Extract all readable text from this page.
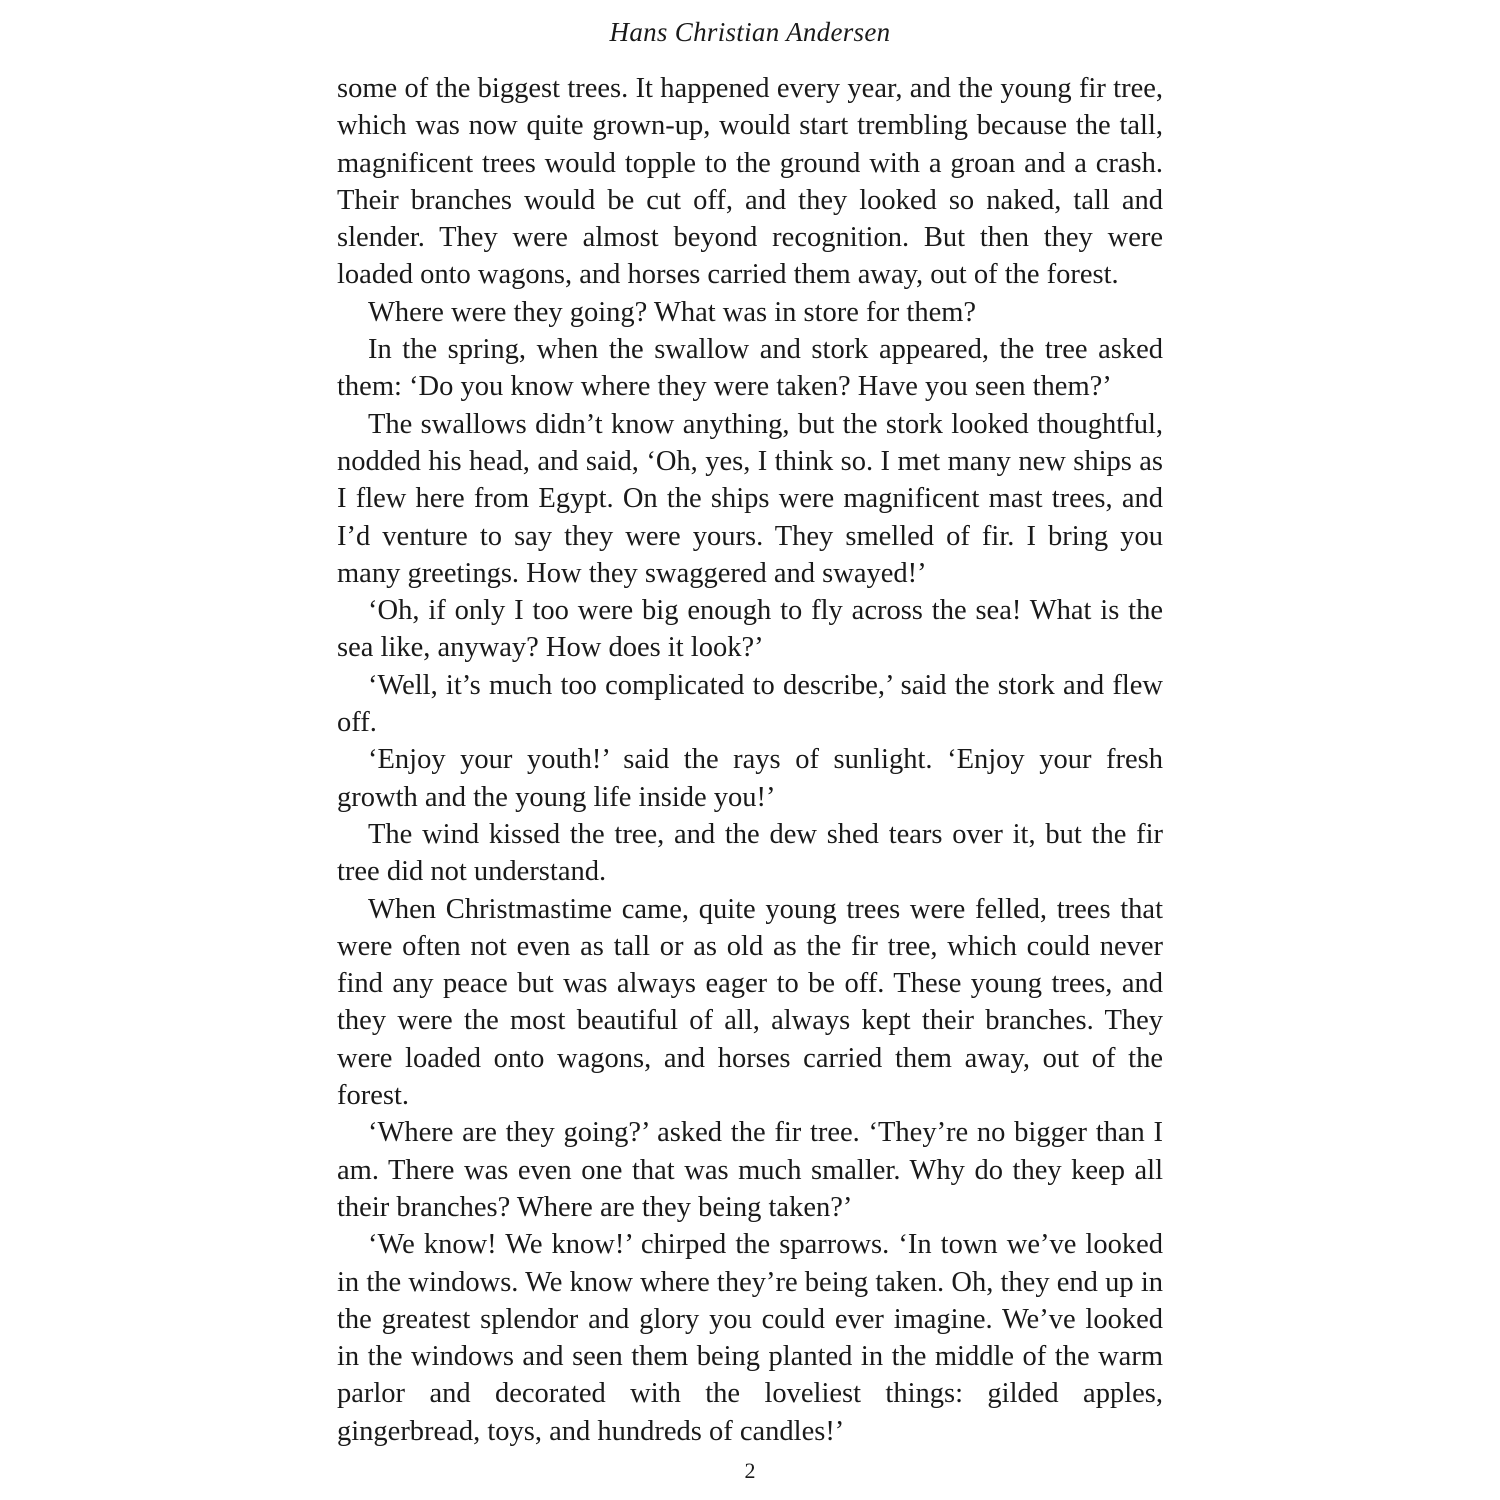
Hans Christian Andersen

some of the biggest trees. It happened every year, and the young fir tree, which was now quite grown-up, would start trembling because the tall, magnificent trees would topple to the ground with a groan and a crash. Their branches would be cut off, and they looked so naked, tall and slender. They were almost beyond recognition. But then they were loaded onto wagons, and horses carried them away, out of the forest.

Where were they going? What was in store for them?

In the spring, when the swallow and stork appeared, the tree asked them: ‘Do you know where they were taken? Have you seen them?’

The swallows didn’t know anything, but the stork looked thoughtful, nodded his head, and said, ‘Oh, yes, I think so. I met many new ships as I flew here from Egypt. On the ships were magnificent mast trees, and I’d venture to say they were yours. They smelled of fir. I bring you many greetings. How they swaggered and swayed!’

‘Oh, if only I too were big enough to fly across the sea! What is the sea like, anyway? How does it look?’

‘Well, it’s much too complicated to describe,’ said the stork and flew off.

‘Enjoy your youth!’ said the rays of sunlight. ‘Enjoy your fresh growth and the young life inside you!’

The wind kissed the tree, and the dew shed tears over it, but the fir tree did not understand.

When Christmastime came, quite young trees were felled, trees that were often not even as tall or as old as the fir tree, which could never find any peace but was always eager to be off. These young trees, and they were the most beautiful of all, always kept their branches. They were loaded onto wagons, and horses carried them away, out of the forest.

‘Where are they going?’ asked the fir tree. ‘They’re no bigger than I am. There was even one that was much smaller. Why do they keep all their branches? Where are they being taken?’

‘We know! We know!’ chirped the sparrows. ‘In town we’ve looked in the windows. We know where they’re being taken. Oh, they end up in the greatest splendor and glory you could ever imagine. We’ve looked in the windows and seen them being planted in the middle of the warm parlor and decorated with the loveliest things: gilded apples, gingerbread, toys, and hundreds of candles!’

2
